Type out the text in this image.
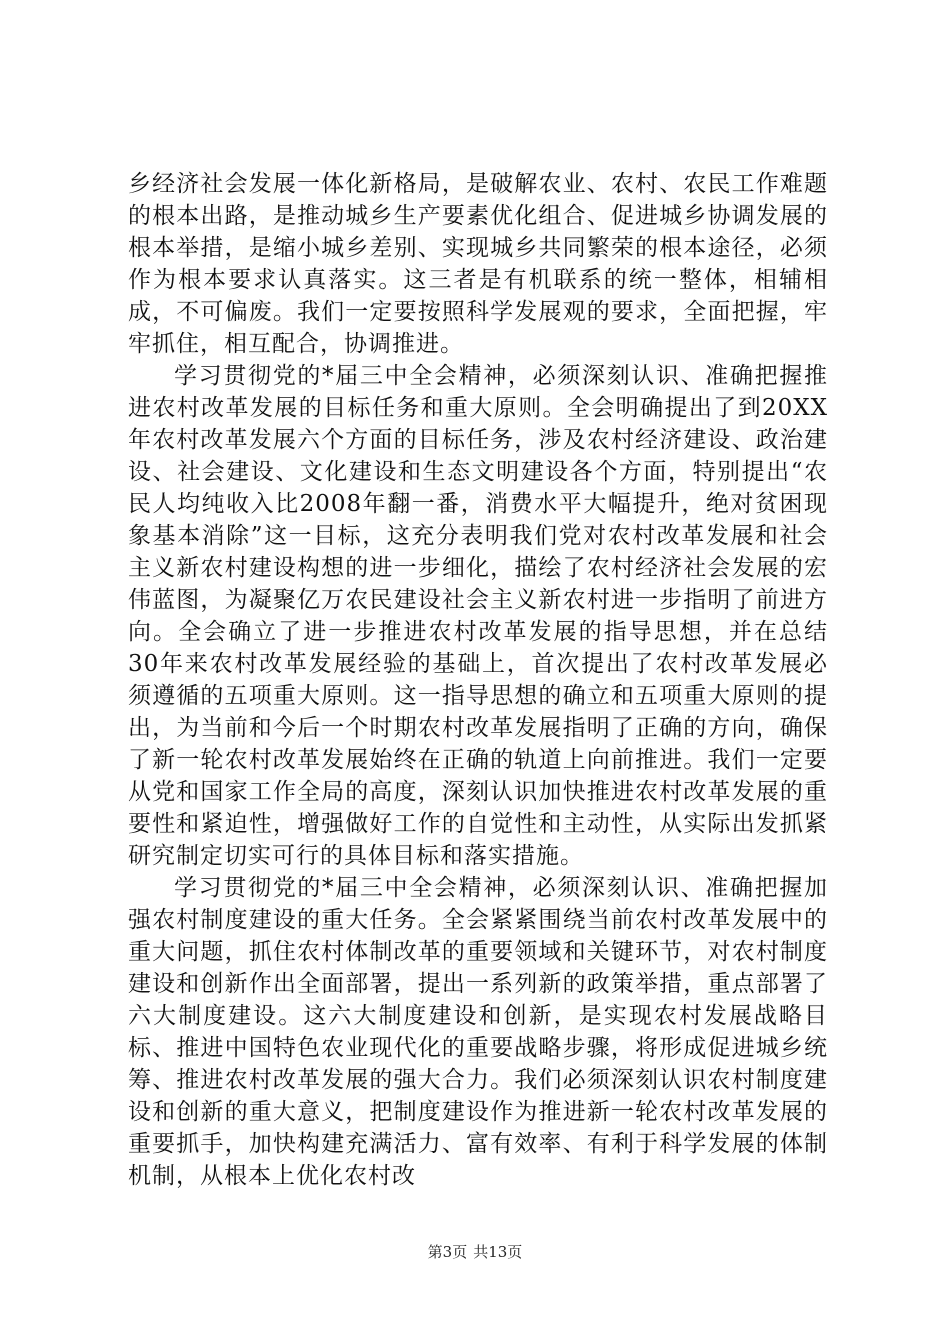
乡经济社会发展一体化新格局，是破解农业、农村、农民工作难题的根本出路，是推动城乡生产要素优化组合、促进城乡协调发展的根本举措，是缩小城乡差别、实现城乡共同繁荣的根本途径，必须作为根本要求认真落实。这三者是有机联系的统一整体，相辅相成，不可偏废。我们一定要按照科学发展观的要求，全面把握，牢牢抓住，相互配合，协调推进。

学习贯彻党的*届三中全会精神，必须深刻认识、准确把握推进农村改革发展的目标任务和重大原则。全会明确提出了到20XX年农村改革发展六个方面的目标任务，涉及农村经济建设、政治建设、社会建设、文化建设和生态文明建设各个方面，特别提出“农民人均纯收入比2008年翻一番，消费水平大幅提升，绝对贫困现象基本消除”这一目标，这充分表明我们党对农村改革发展和社会主义新农村建设构想的进一步细化，描绘了农村经济社会发展的宏伟蓝图，为凝聚亿万农民建设社会主义新农村进一步指明了前进方向。全会确立了进一步推进农村改革发展的指导思想，并在总结30年来农村改革发展经验的基础上，首次提出了农村改革发展必须遵循的五项重大原则。这一指导思想的确立和五项重大原则的提出，为当前和今后一个时期农村改革发展指明了正确的方向，确保了新一轮农村改革发展始终在正确的轨道上向前推进。我们一定要从党和国家工作全局的高度，深刻认识加快推进农村改革发展的重要性和紧迫性，增强做好工作的自觉性和主动性，从实际出发抓紧研究制定切实可行的具体目标和落实措施。

学习贯彻党的*届三中全会精神，必须深刻认识、准确把握加强农村制度建设的重大任务。全会紧紧围绕当前农村改革发展中的重大问题，抓住农村体制改革的重要领域和关键环节，对农村制度建设和创新作出全面部署，提出一系列新的政策举措，重点部署了六大制度建设。这六大制度建设和创新，是实现农村发展战略目标、推进中国特色农业现代化的重要战略步骤，将形成促进城乡统筹、推进农村改革发展的强大合力。我们必须深刻认识农村制度建设和创新的重大意义，把制度建设作为推进新一轮农村改革发展的重要抓手，加快构建充满活力、富有效率、有利于科学发展的体制机制，从根本上优化农村改

第3页 共13页
